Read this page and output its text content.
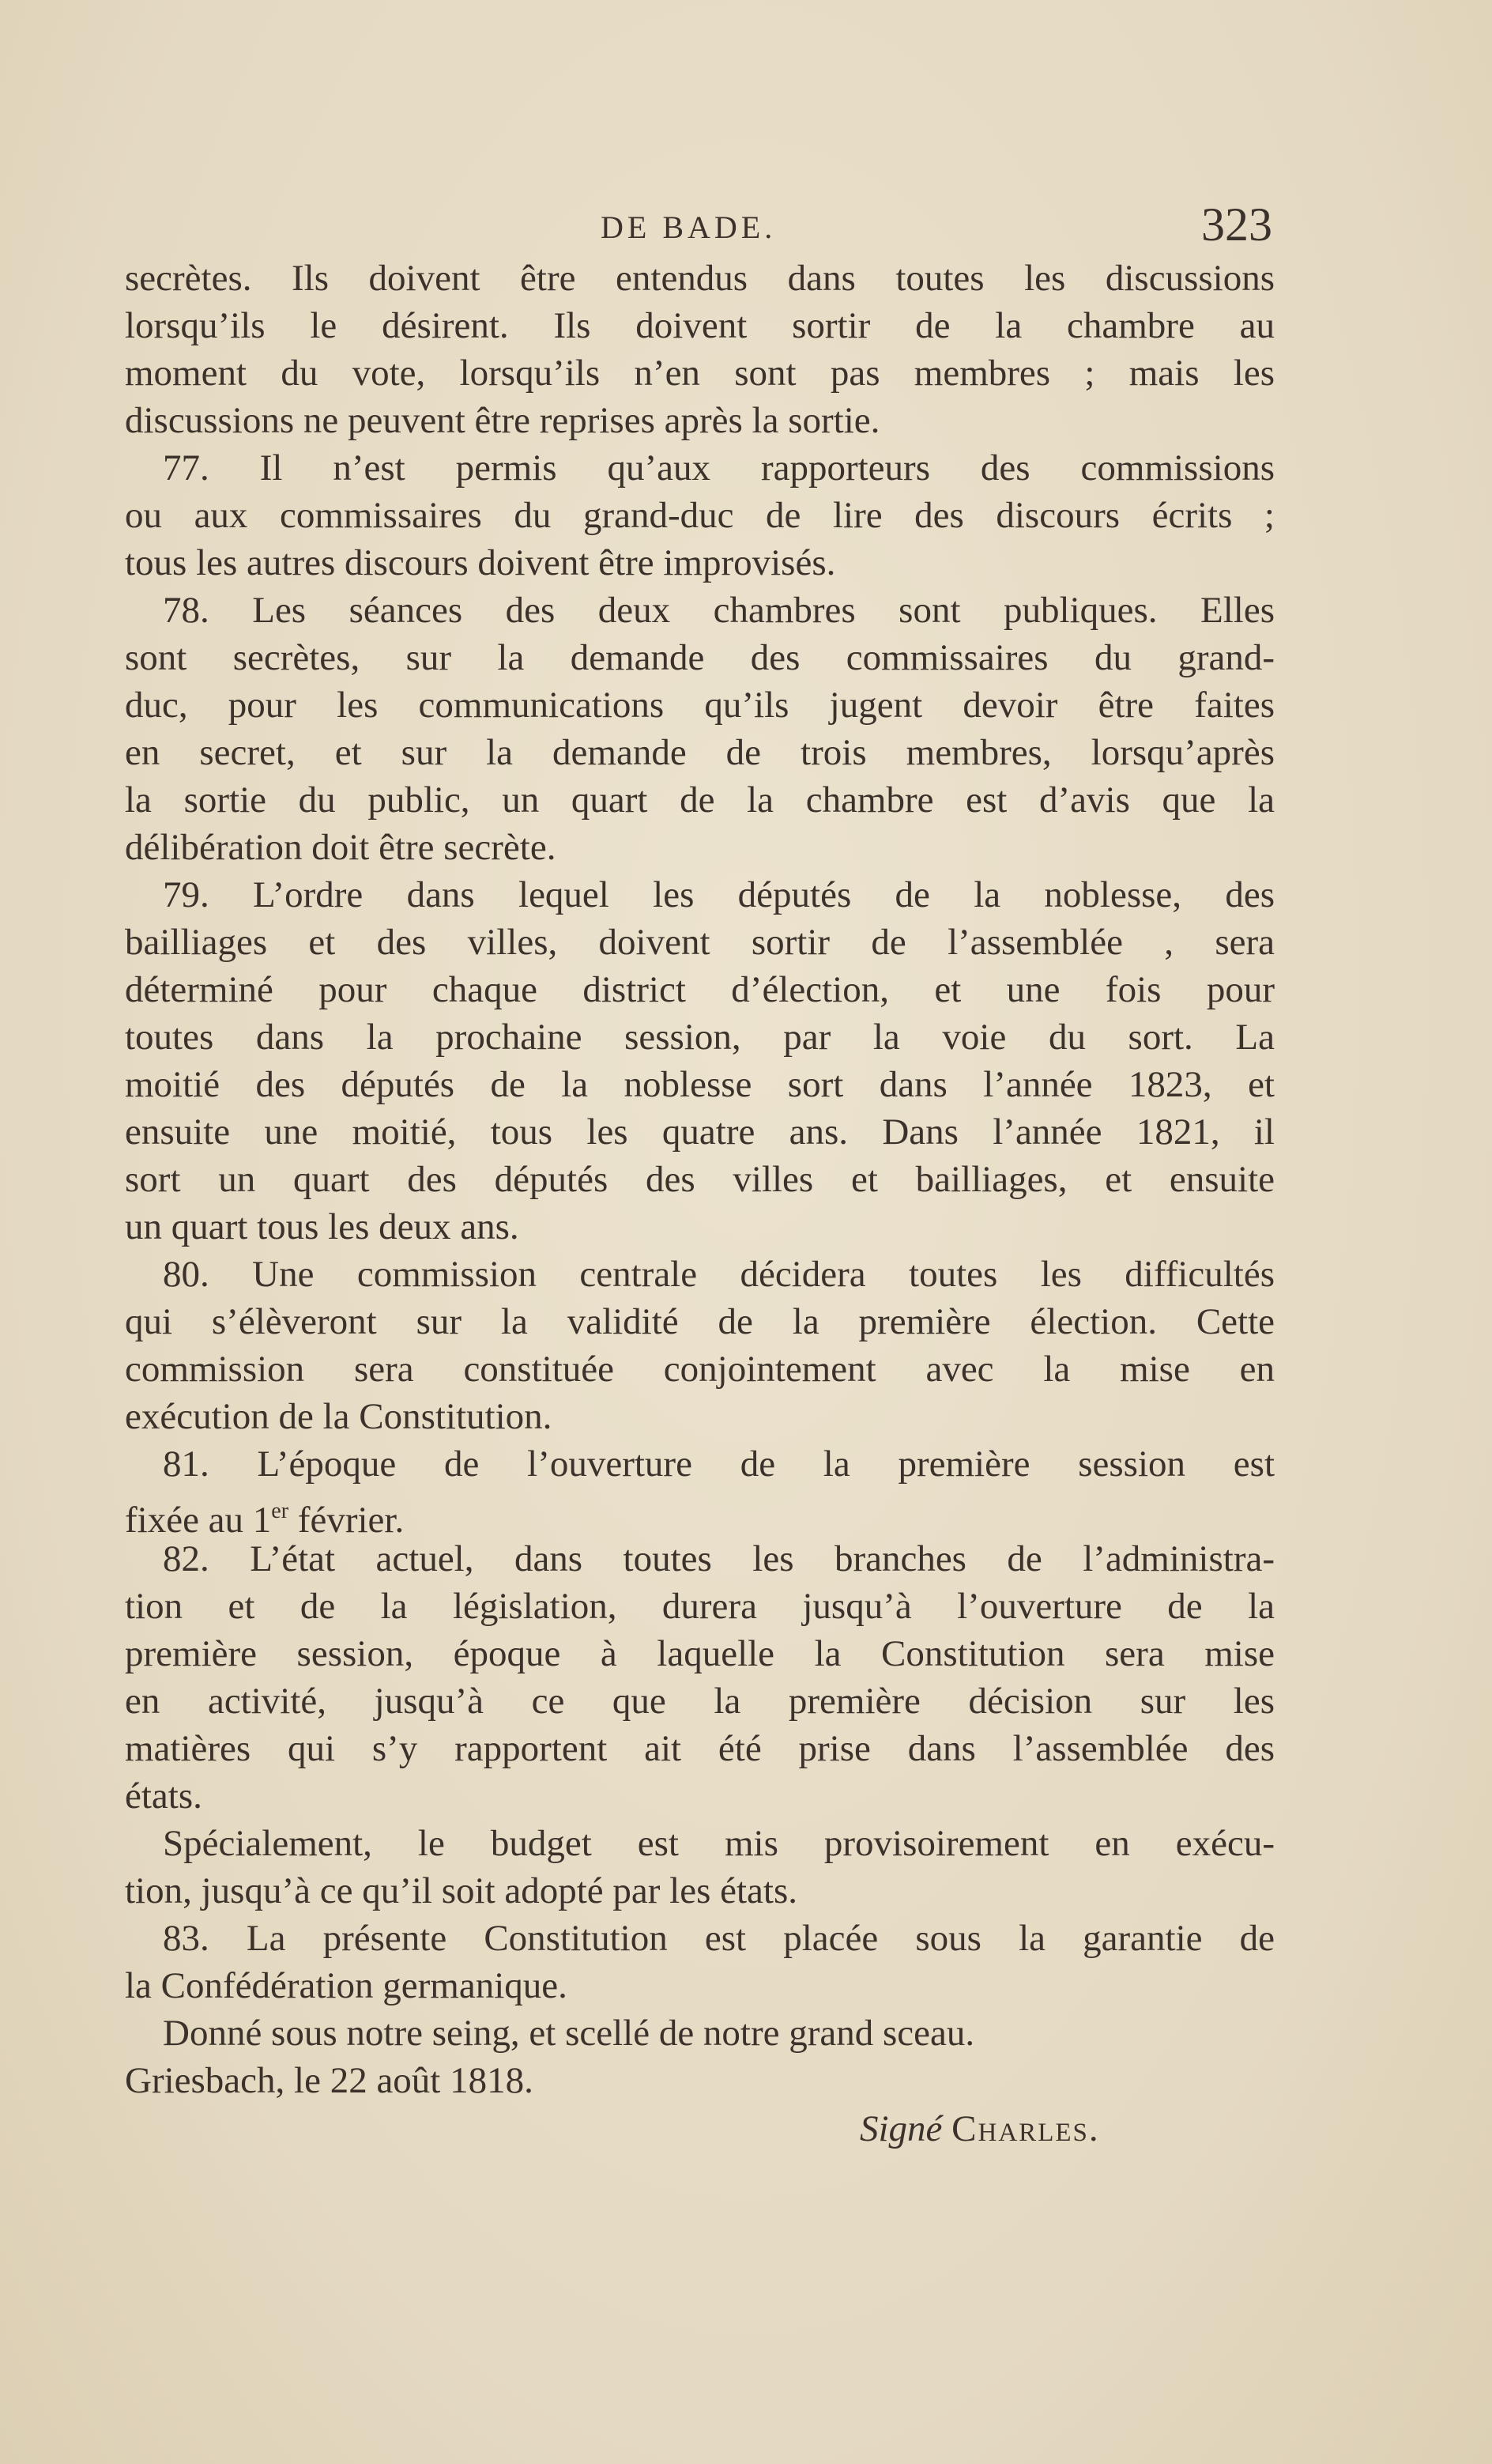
DE BADE.	323
secrètes. Ils doivent être entendus dans toutes les discussions
lorsqu’ils le désirent. Ils doivent sortir de la chambre au
moment du vote, lorsqu’ils n’en sont pas membres ; mais les
discussions ne peuvent être reprises après la sortie.
77. Il n’est permis qu’aux rapporteurs des commissions
ou aux commissaires du grand-duc de lire des discours écrits ;
tous les autres discours doivent être improvisés.
78. Les séances des deux chambres sont publiques. Elles
sont secrètes, sur la demande des commissaires du grand-
duc, pour les communications qu’ils jugent devoir être faites
en secret, et sur la demande de trois membres, lorsqu’après
la sortie du public, un quart de la chambre est d’avis que la
délibération doit être secrète.
79. L’ordre dans lequel les députés de la noblesse, des
bailliages et des villes, doivent sortir de l’assemblée , sera
déterminé pour chaque district d’élection, et une fois pour
toutes dans la prochaine session, par la voie du sort. La
moitié des députés de la noblesse sort dans l’année 1823, et
ensuite une moitié, tous les quatre ans. Dans l’année 1821, il
sort un quart des députés des villes et bailliages, et ensuite
un quart tous les deux ans.
80. Une commission centrale décidera toutes les difficultés
qui s’élèveront sur la validité de la première élection. Cette
commission sera constituée conjointement avec la mise en
exécution de la Constitution.
81. L’époque de l’ouverture de la première session est
fixée au 1er février.
82. L’état actuel, dans toutes les branches de l’administra-
tion et de la législation, durera jusqu’à l’ouverture de la
première session, époque à laquelle la Constitution sera mise
en activité, jusqu’à ce que la première décision sur les
matières qui s’y rapportent ait été prise dans l’assemblée des
états.
Spécialement, le budget est mis provisoirement en exécu-
tion, jusqu’à ce qu’il soit adopté par les états.
83. La présente Constitution est placée sous la garantie de
la Confédération germanique.
Donné sous notre seing, et scellé de notre grand sceau.
Griesbach, le 22 août 1818.
Signé Charles.
